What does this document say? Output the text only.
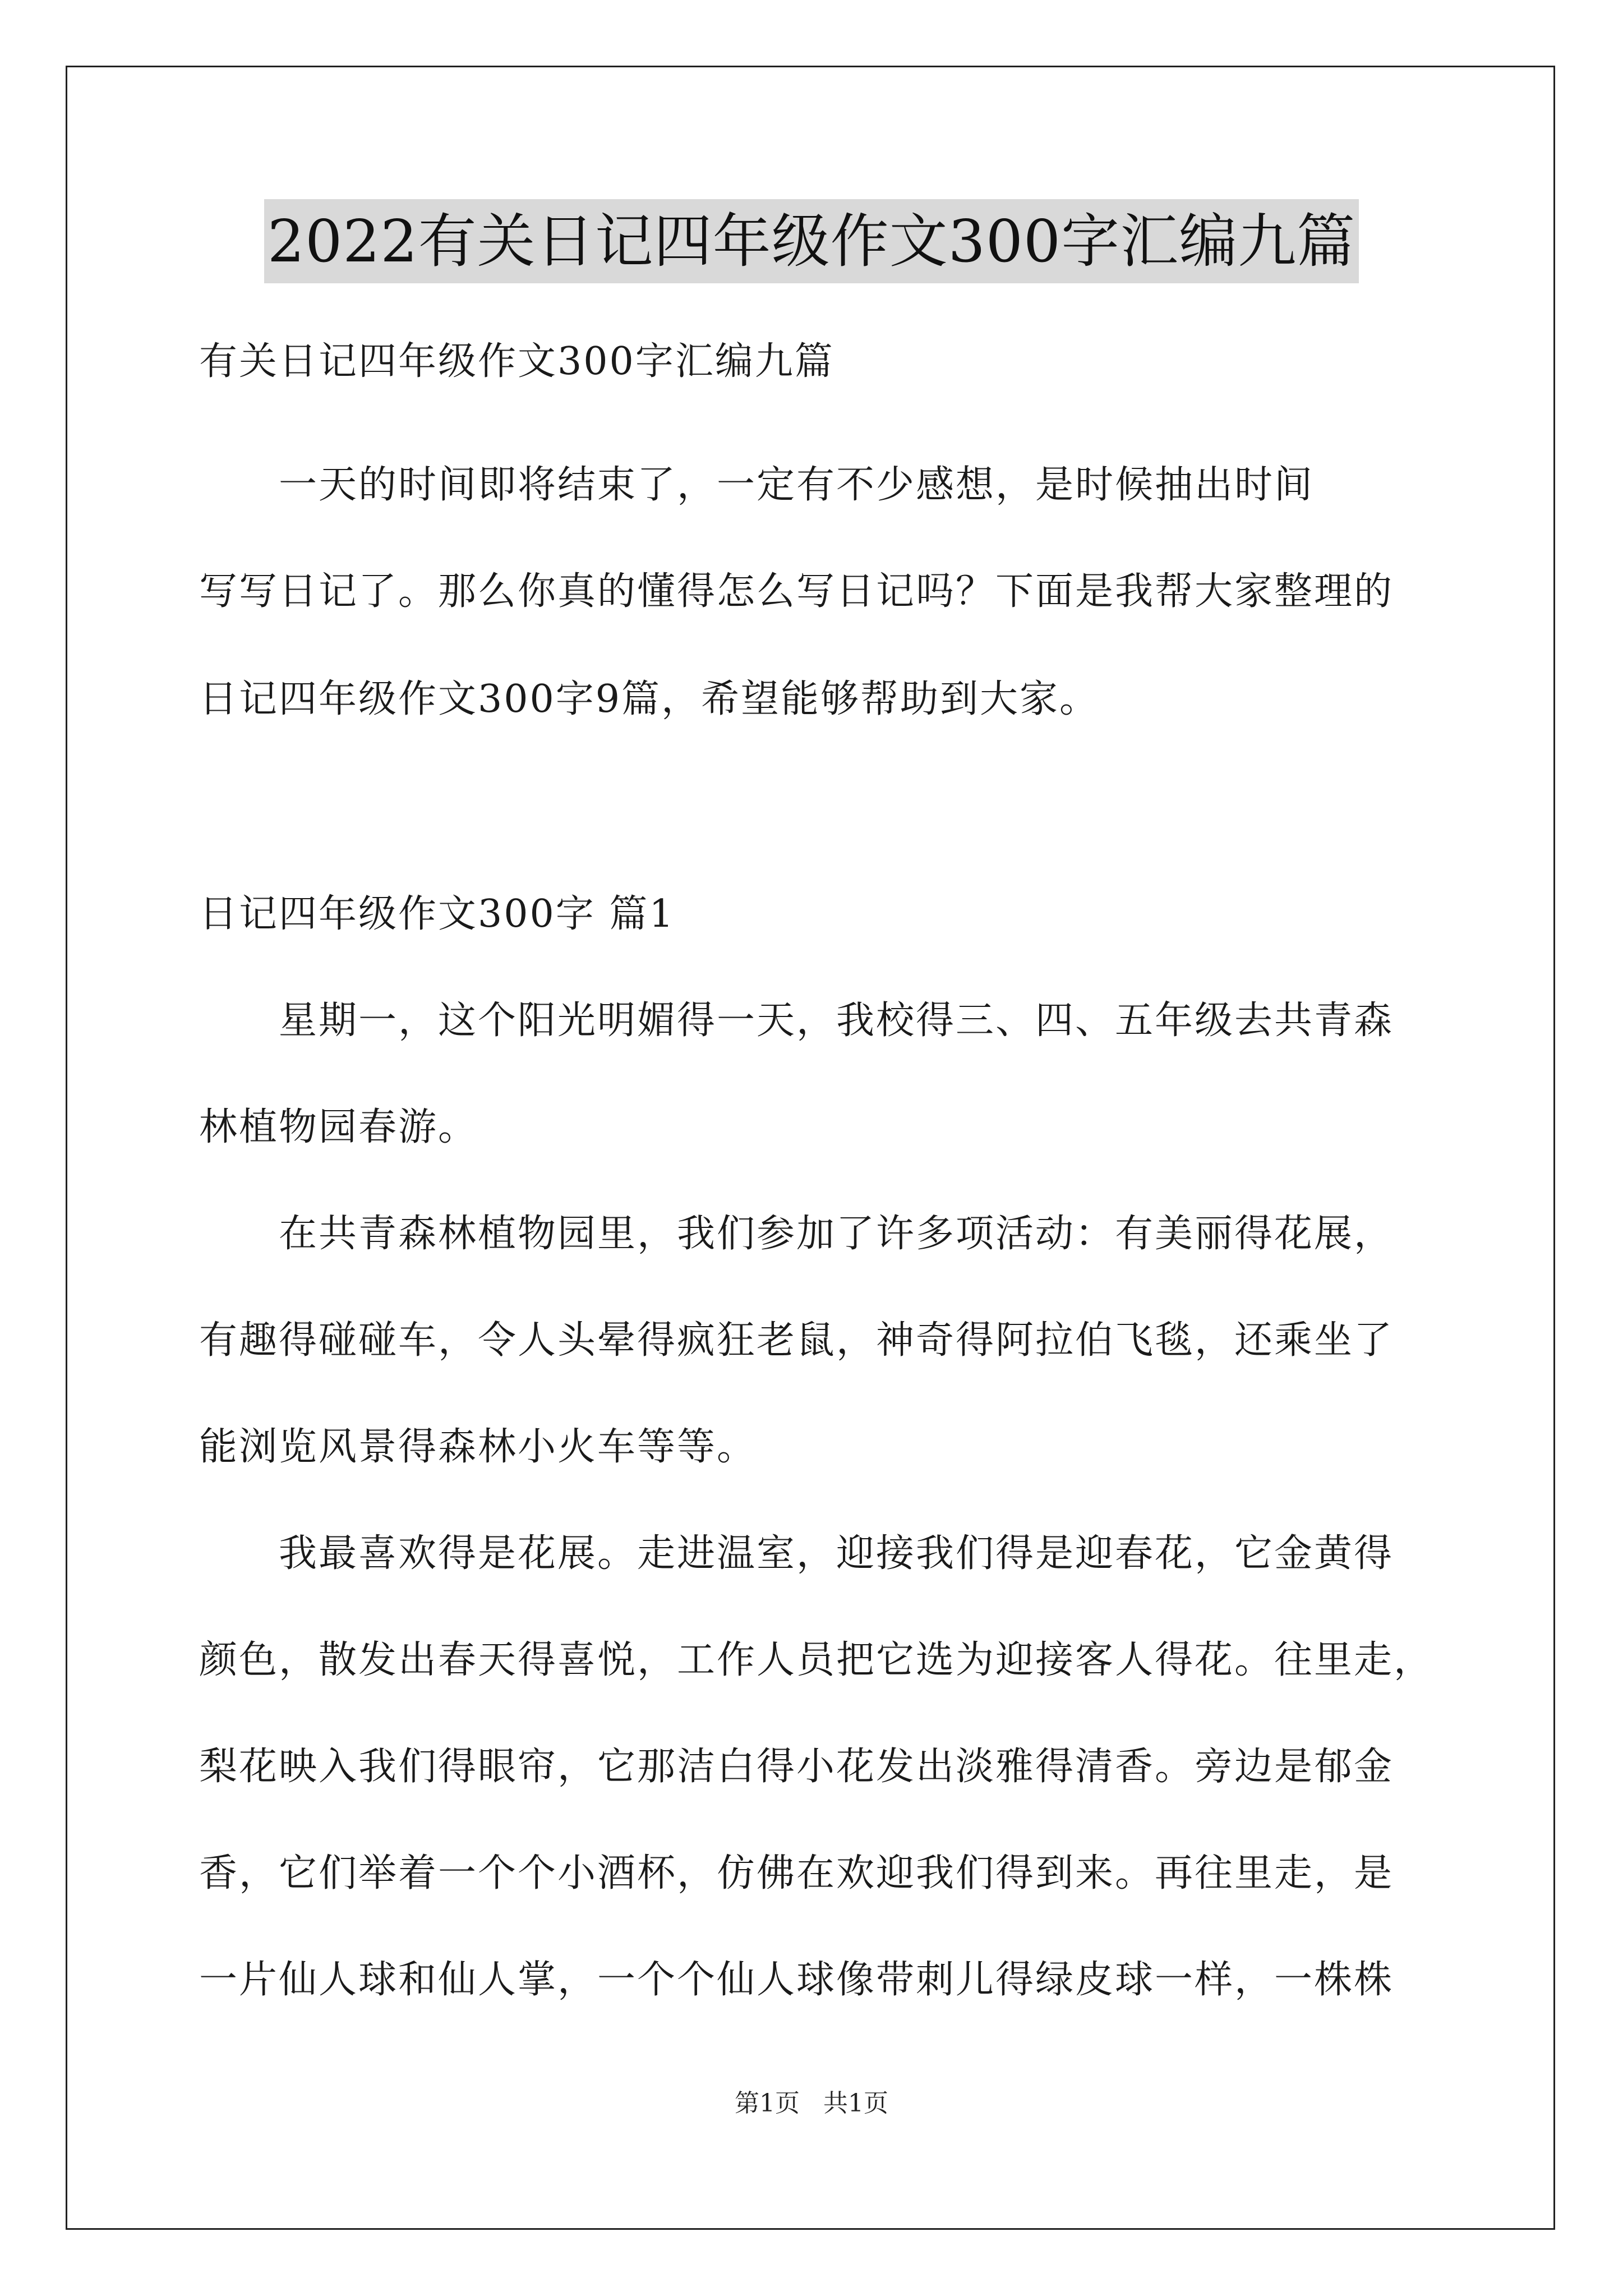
2022有关日记四年级作文300字汇编九篇
有关日记四年级作文300字汇编九篇
　　一天的时间即将结束了，一定有不少感想，是时候抽出时间
写写日记了。那么你真的懂得怎么写日记吗？下面是我帮大家整理的
日记四年级作文300字9篇，希望能够帮助到大家。
日记四年级作文300字 篇1
　　星期一，这个阳光明媚得一天，我校得三、四、五年级去共青森
林植物园春游。
　　在共青森林植物园里，我们参加了许多项活动：有美丽得花展，
有趣得碰碰车，令人头晕得疯狂老鼠，神奇得阿拉伯飞毯，还乘坐了
能浏览风景得森林小火车等等。
　　我最喜欢得是花展。走进温室，迎接我们得是迎春花，它金黄得
颜色，散发出春天得喜悦，工作人员把它选为迎接客人得花。往里走，
梨花映入我们得眼帘，它那洁白得小花发出淡雅得清香。旁边是郁金
香，它们举着一个个小酒杯，仿佛在欢迎我们得到来。再往里走，是
一片仙人球和仙人掌，一个个仙人球像带刺儿得绿皮球一样，一株株
第1页 共1页
